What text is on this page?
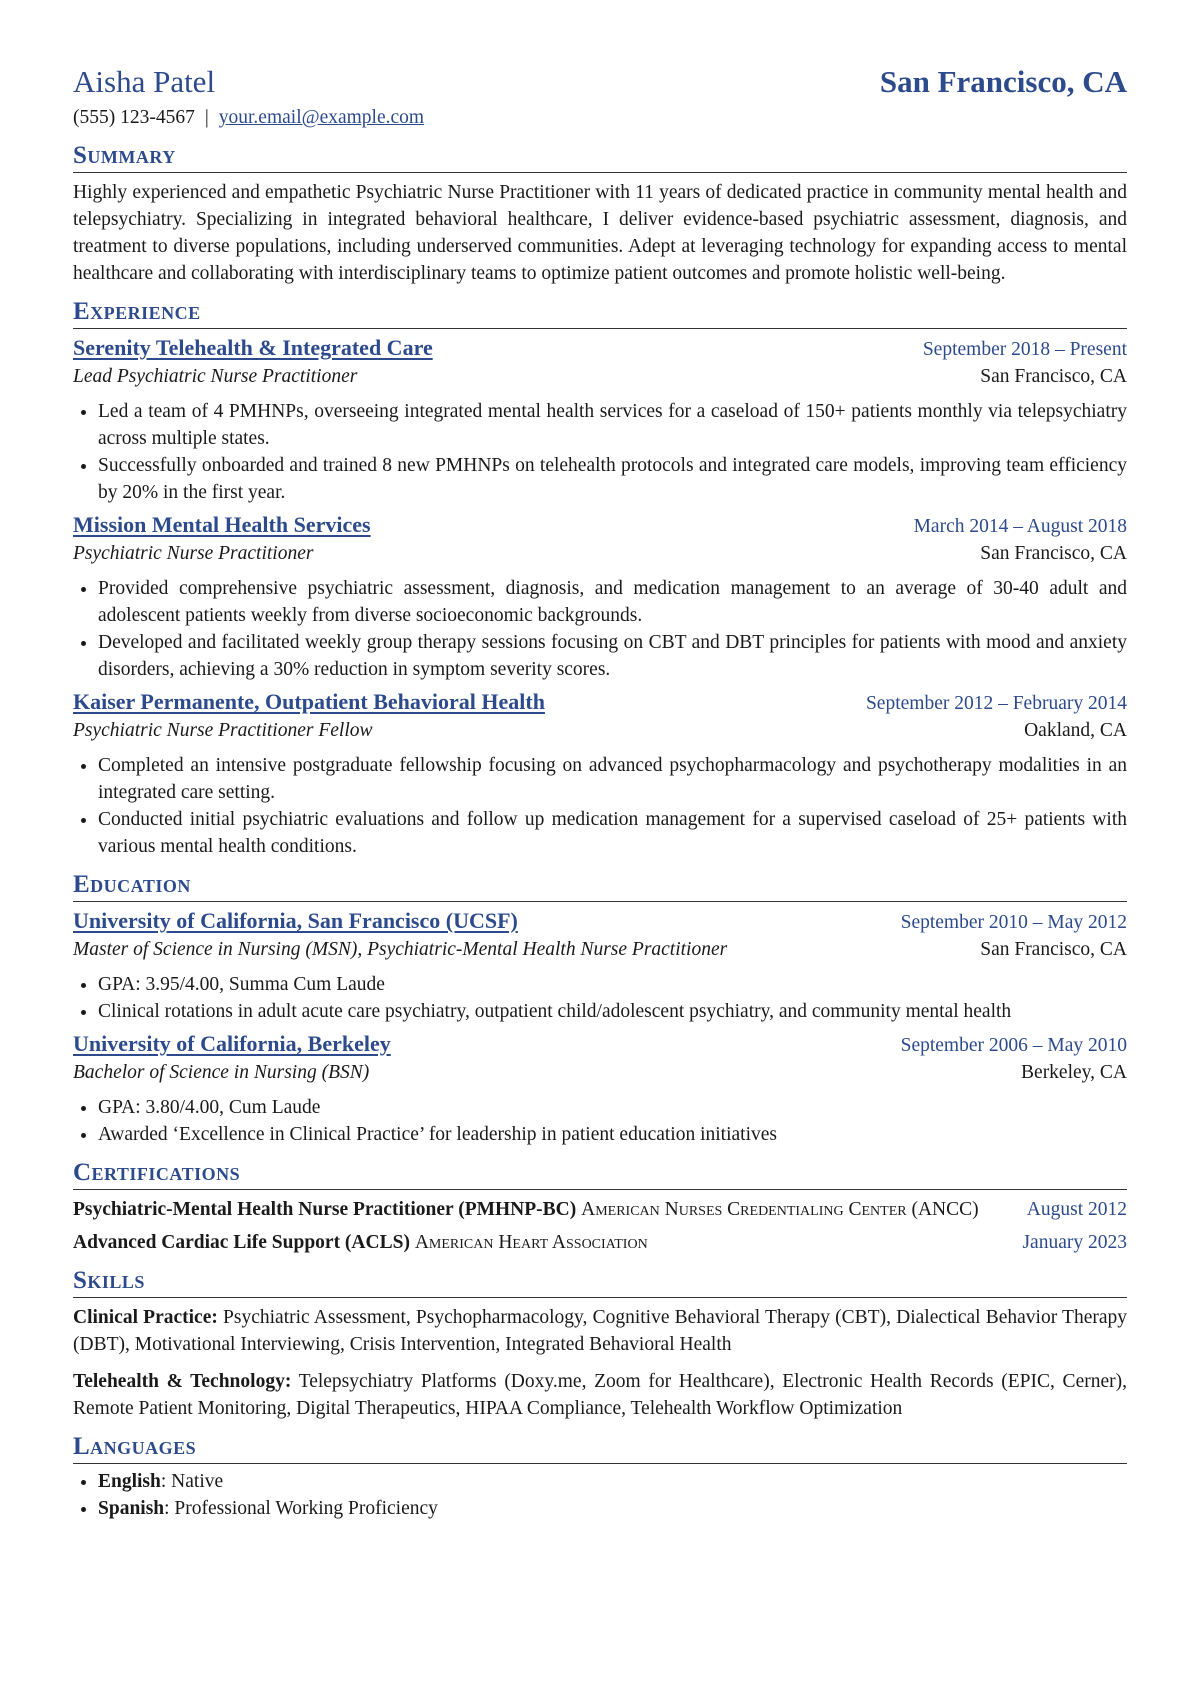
Aisha Patel	San Francisco, CA
(555) 123-4567 | your.email@example.com
Summary
Highly experienced and empathetic Psychiatric Nurse Practitioner with 11 years of dedicated practice in community mental health and telepsychiatry. Specializing in integrated behavioral healthcare, I deliver evidence-based psychiatric assessment, diagnosis, and treatment to diverse populations, including underserved communities. Adept at leveraging technology for expanding access to mental healthcare and collaborating with interdisciplinary teams to optimize patient outcomes and promote holistic well-being.
Experience
Serenity Telehealth & Integrated Care	September 2018 – Present
Lead Psychiatric Nurse Practitioner	San Francisco, CA
• Led a team of 4 PMHNPs, overseeing integrated mental health services for a caseload of 150+ patients monthly via telepsychiatry across multiple states.
• Successfully onboarded and trained 8 new PMHNPs on telehealth protocols and integrated care models, improving team efficiency by 20% in the first year.
Mission Mental Health Services	March 2014 – August 2018
Psychiatric Nurse Practitioner	San Francisco, CA
• Provided comprehensive psychiatric assessment, diagnosis, and medication management to an average of 30-40 adult and adolescent patients weekly from diverse socioeconomic backgrounds.
• Developed and facilitated weekly group therapy sessions focusing on CBT and DBT principles for patients with mood and anxiety disorders, achieving a 30% reduction in symptom severity scores.
Kaiser Permanente, Outpatient Behavioral Health	September 2012 – February 2014
Psychiatric Nurse Practitioner Fellow	Oakland, CA
• Completed an intensive postgraduate fellowship focusing on advanced psychopharmacology and psychotherapy modalities in an integrated care setting.
• Conducted initial psychiatric evaluations and follow up medication management for a supervised caseload of 25+ patients with various mental health conditions.
Education
University of California, San Francisco (UCSF)	September 2010 – May 2012
Master of Science in Nursing (MSN), Psychiatric-Mental Health Nurse Practitioner	San Francisco, CA
• GPA: 3.95/4.00, Summa Cum Laude
• Clinical rotations in adult acute care psychiatry, outpatient child/adolescent psychiatry, and community mental health
University of California, Berkeley	September 2006 – May 2010
Bachelor of Science in Nursing (BSN)	Berkeley, CA
• GPA: 3.80/4.00, Cum Laude
• Awarded ‘Excellence in Clinical Practice’ for leadership in patient education initiatives
Certifications
Psychiatric-Mental Health Nurse Practitioner (PMHNP-BC) American Nurses Credentialing Center (ANCC)	August 2012
Advanced Cardiac Life Support (ACLS) American Heart Association	January 2023
Skills
Clinical Practice: Psychiatric Assessment, Psychopharmacology, Cognitive Behavioral Therapy (CBT), Dialectical Behavior Therapy (DBT), Motivational Interviewing, Crisis Intervention, Integrated Behavioral Health
Telehealth & Technology: Telepsychiatry Platforms (Doxy.me, Zoom for Healthcare), Electronic Health Records (EPIC, Cerner), Remote Patient Monitoring, Digital Therapeutics, HIPAA Compliance, Telehealth Workflow Optimization
Languages
• English: Native
• Spanish: Professional Working Proficiency
